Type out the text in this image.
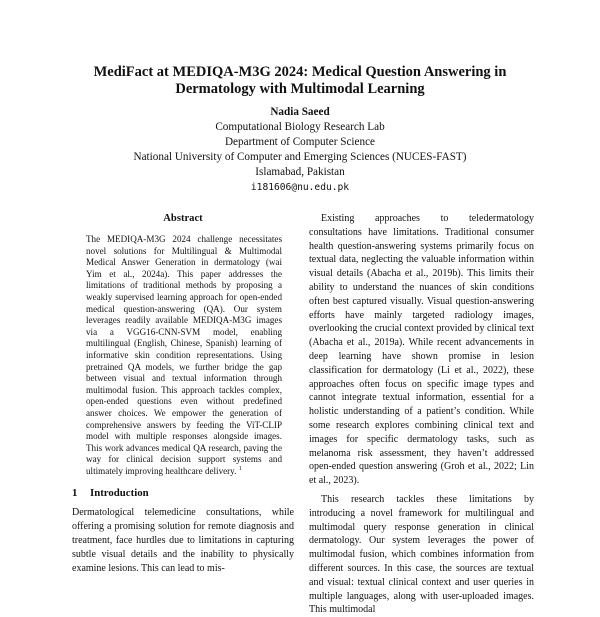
MediFact at MEDIQA-M3G 2024: Medical Question Answering in
Dermatology with Multimodal Learning
Nadia Saeed
Computational Biology Research Lab
Department of Computer Science
National University of Computer and Emerging Sciences (NUCES-FAST)
Islamabad, Pakistan
i181606@nu.edu.pk
Abstract

The MEDIQA-M3G 2024 challenge necessitates novel solutions for Multilingual & Multimodal Medical Answer Generation in dermatology (wai Yim et al., 2024a). This paper addresses the limitations of traditional methods by proposing a weakly supervised learning approach for open-ended medical question-answering (QA). Our system leverages readily available MEDIQA-M3G images via a VGG16-CNN-SVM model, enabling multilingual (English, Chinese, Spanish) learning of informative skin condition representations. Using pretrained QA models, we further bridge the gap between visual and textual information through multimodal fusion. This approach tackles complex, open-ended questions even without predefined answer choices. We empower the generation of comprehensive answers by feeding the ViT-CLIP model with multiple responses alongside images. This work advances medical QA research, paving the way for clinical decision support systems and ultimately improving healthcare delivery. $^1$

1 Introduction

Dermatological telemedicine consultations, while offering a promising solution for remote diagnosis and treatment, face hurdles due to limitations in capturing subtle visual details and the inability to physically examine lesions. This can lead to mis-

Existing approaches to teledermatology consultations have limitations. Traditional consumer health question-answering systems primarily focus on textual data, neglecting the valuable information within visual details (Abacha et al., 2019b). This limits their ability to understand the nuances of skin conditions often best captured visually. Visual question-answering efforts have mainly targeted radiology images, overlooking the crucial context provided by clinical text (Abacha et al., 2019a). While recent advancements in deep learning have shown promise in lesion classification for dermatology (Li et al., 2022), these approaches often focus on specific image types and cannot integrate textual information, essential for a holistic understanding of a patient’s condition. While some research explores combining clinical text and images for specific dermatology tasks, such as melanoma risk assessment, they haven’t addressed open-ended question answering (Groh et al., 2022; Lin et al., 2023).

This research tackles these limitations by introducing a novel framework for multilingual and multimodal query response generation in clinical dermatology. Our system leverages the power of multimodal fusion, which combines information from different sources. In this case, the sources are textual and visual: textual clinical context and user queries in multiple languages, along with user-uploaded images. This multimodal
